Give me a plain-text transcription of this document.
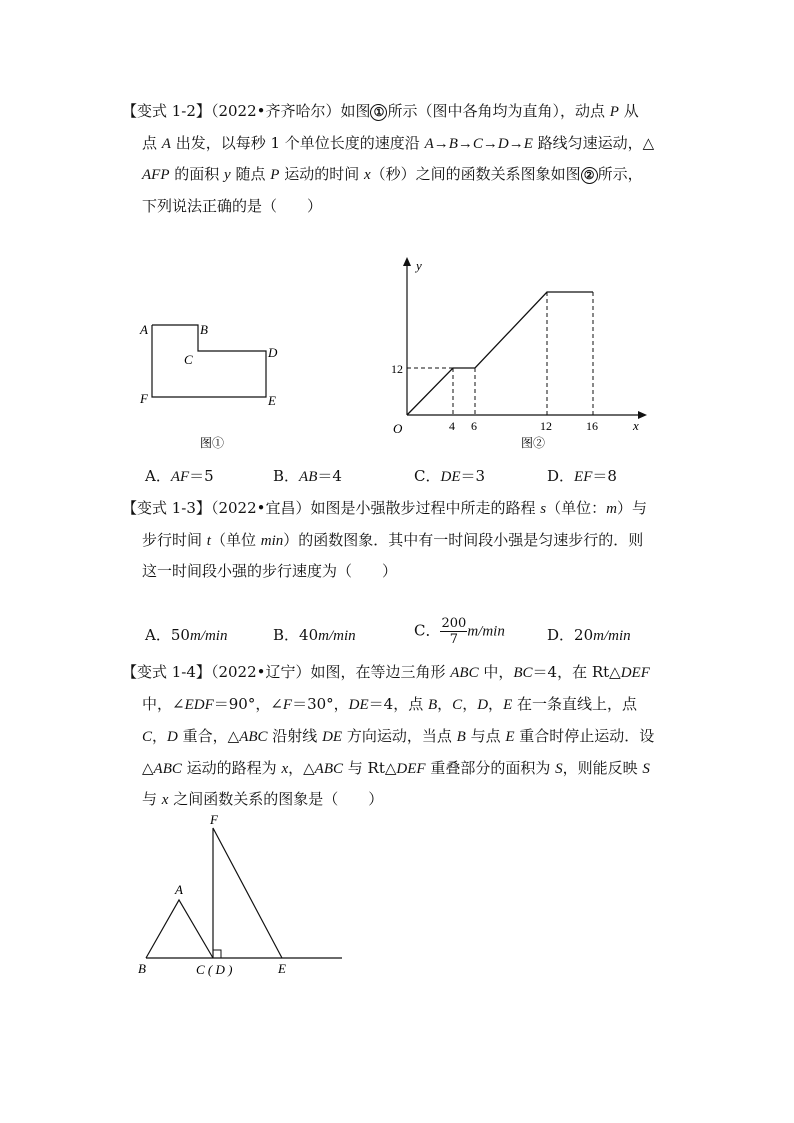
【变式 1-2】（2022•齐齐哈尔）如图 ① 所示（图中各角均为直角），动点 P 从
点 A 出发，以每秒 1 个单位长度的速度沿 A→B→C→D→E 路线匀速运动，△
AFP 的面积 y 随点 P 运动的时间 x（秒）之间的函数关系图象如图 ② 所示，
下列说法正确的是（　　）
A	B
C	D
F	E
图①
y
x
O
12
4 6	12	16
图②
A．AF＝5	B．AB＝4	C．DE＝3	D．EF＝8
【变式 1-3】（2022•宜昌）如图是小强散步过程中所走的路程 s（单位：m）与
步行时间 t（单位 min）的函数图象．其中有一时间段小强是匀速步行的．则
这一时间段小强的步行速度为（　　）
A．50m/min	B．40m/min	C． $\frac{200}{7} m/\min$	D．20m/min
【变式 1-4】（2022•辽宁）如图，在等边三角形 ABC 中，BC＝4，在 Rt△DEF
中，∠EDF＝90°，∠F＝30°，DE＝4，点 B，C，D，E 在一条直线上，点
C，D 重合，△ABC 沿射线 DE 方向运动，当点 B 与点 E 重合时停止运动．设
△ABC 运动的路程为 x，△ABC 与 Rt△DEF 重叠部分的面积为 S，则能反映 S
与 x 之间函数关系的图象是（　　）
A
B	C ( D )	E
F
